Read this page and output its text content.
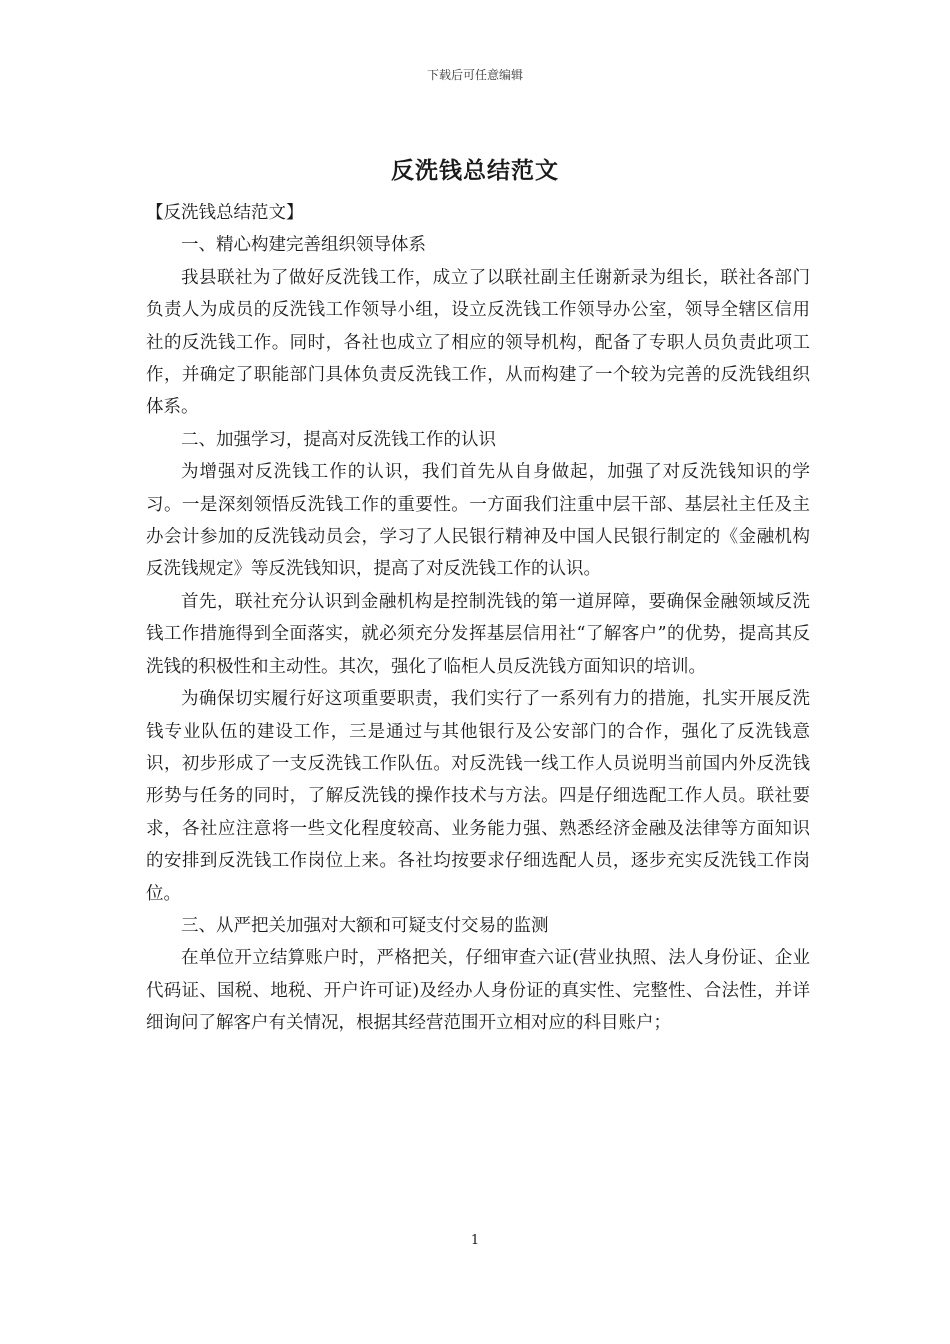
下载后可任意编辑
反洗钱总结范文

【反洗钱总结范文】

一、精心构建完善组织领导体系

我县联社为了做好反洗钱工作，成立了以联社副主任谢新录为组长，联社各部门负责人为成员的反洗钱工作领导小组，设立反洗钱工作领导办公室，领导全辖区信用社的反洗钱工作。同时，各社也成立了相应的领导机构，配备了专职人员负责此项工作，并确定了职能部门具体负责反洗钱工作，从而构建了一个较为完善的反洗钱组织体系。

二、加强学习，提高对反洗钱工作的认识

为增强对反洗钱工作的认识，我们首先从自身做起，加强了对反洗钱知识的学习。一是深刻领悟反洗钱工作的重要性。一方面我们注重中层干部、基层社主任及主办会计参加的反洗钱动员会，学习了人民银行精神及中国人民银行制定的《金融机构反洗钱规定》等反洗钱知识，提高了对反洗钱工作的认识。

首先，联社充分认识到金融机构是控制洗钱的第一道屏障，要确保金融领域反洗钱工作措施得到全面落实，就必须充分发挥基层信用社“了解客户”的优势，提高其反洗钱的积极性和主动性。其次，强化了临柜人员反洗钱方面知识的培训。

为确保切实履行好这项重要职责，我们实行了一系列有力的措施，扎实开展反洗钱专业队伍的建设工作，三是通过与其他银行及公安部门的合作，强化了反洗钱意识，初步形成了一支反洗钱工作队伍。对反洗钱一线工作人员说明当前国内外反洗钱形势与任务的同时，了解反洗钱的操作技术与方法。四是仔细选配工作人员。联社要求，各社应注意将一些文化程度较高、业务能力强、熟悉经济金融及法律等方面知识的安排到反洗钱工作岗位上来。各社均按要求仔细选配人员，逐步充实反洗钱工作岗位。

三、从严把关加强对大额和可疑支付交易的监测

在单位开立结算账户时，严格把关，仔细审查六证(营业执照、法人身份证、企业代码证、国税、地税、开户许可证)及经办人身份证的真实性、完整性、合法性，并详细询问了解客户有关情况，根据其经营范围开立相对应的科目账户；

1
